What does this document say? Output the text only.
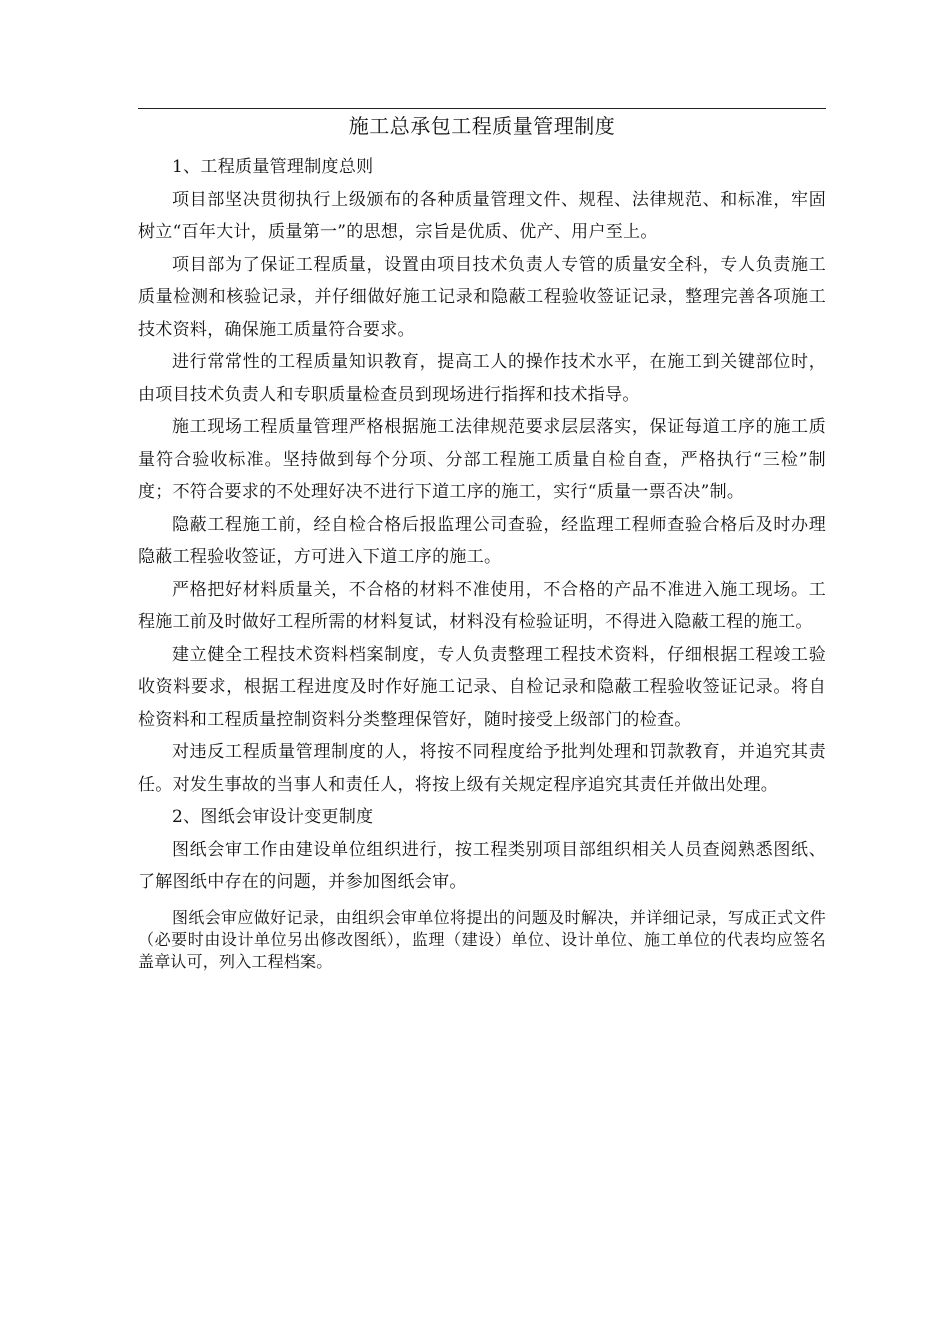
施工总承包工程质量管理制度

1、工程质量管理制度总则

项目部坚决贯彻执行上级颁布的各种质量管理文件、规程、法律规范、和标准，牢固树立“百年大计，质量第一”的思想，宗旨是优质、优产、用户至上。

项目部为了保证工程质量，设置由项目技术负责人专管的质量安全科，专人负责施工质量检测和核验记录，并仔细做好施工记录和隐蔽工程验收签证记录，整理完善各项施工技术资料，确保施工质量符合要求。

进行常常性的工程质量知识教育，提高工人的操作技术水平，在施工到关键部位时，由项目技术负责人和专职质量检查员到现场进行指挥和技术指导。

施工现场工程质量管理严格根据施工法律规范要求层层落实，保证每道工序的施工质量符合验收标准。坚持做到每个分项、分部工程施工质量自检自查，严格执行“三检”制度；不符合要求的不处理好决不进行下道工序的施工，实行“质量一票否决”制。

隐蔽工程施工前，经自检合格后报监理公司查验，经监理工程师查验合格后及时办理隐蔽工程验收签证，方可进入下道工序的施工。

严格把好材料质量关，不合格的材料不准使用，不合格的产品不准进入施工现场。工程施工前及时做好工程所需的材料复试，材料没有检验证明，不得进入隐蔽工程的施工。

建立健全工程技术资料档案制度，专人负责整理工程技术资料，仔细根据工程竣工验收资料要求，根据工程进度及时作好施工记录、自检记录和隐蔽工程验收签证记录。将自检资料和工程质量控制资料分类整理保管好，随时接受上级部门的检查。

对违反工程质量管理制度的人，将按不同程度给予批判处理和罚款教育，并追究其责任。对发生事故的当事人和责任人，将按上级有关规定程序追究其责任并做出处理。

2、图纸会审设计变更制度

图纸会审工作由建设单位组织进行，按工程类别项目部组织相关人员查阅熟悉图纸、了解图纸中存在的问题，并参加图纸会审。

图纸会审应做好记录，由组织会审单位将提出的问题及时解决，并详细记录，写成正式文件（必要时由设计单位另出修改图纸），监理（建设）单位、设计单位、施工单位的代表均应签名盖章认可，列入工程档案。
